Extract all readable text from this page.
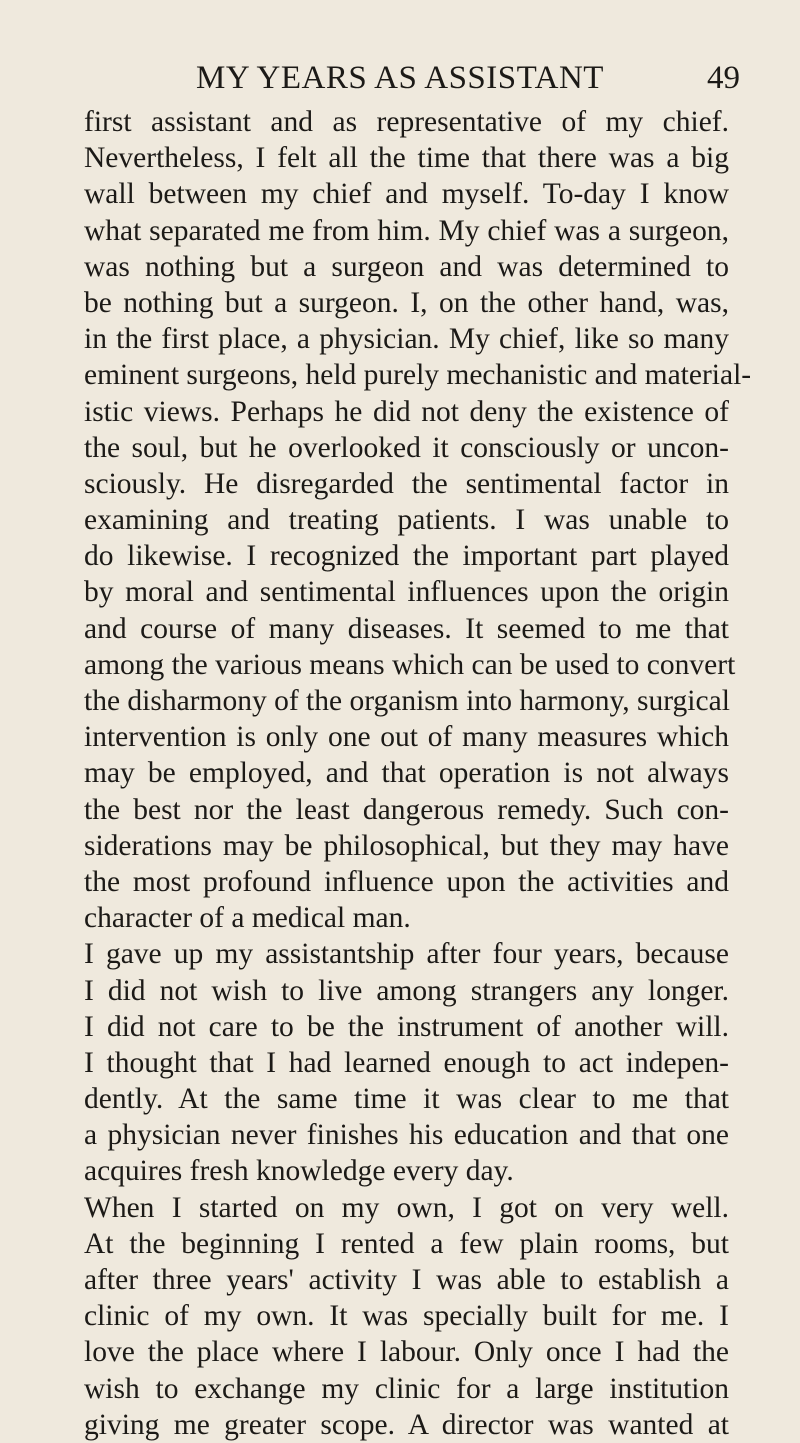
MY YEARS AS ASSISTANT	49
first assistant and as representative of my chief.
Nevertheless, I felt all the time that there was a big
wall between my chief and myself. To-day I know
what separated me from him. My chief was a surgeon,
was nothing but a surgeon and was determined to
be nothing but a surgeon. I, on the other hand, was,
in the first place, a physician. My chief, like so many
eminent surgeons, held purely mechanistic and material-
istic views. Perhaps he did not deny the existence of
the soul, but he overlooked it consciously or uncon-
sciously. He disregarded the sentimental factor in
examining and treating patients. I was unable to
do likewise. I recognized the important part played
by moral and sentimental influences upon the origin
and course of many diseases. It seemed to me that
among the various means which can be used to convert
the disharmony of the organism into harmony, surgical
intervention is only one out of many measures which
may be employed, and that operation is not always
the best nor the least dangerous remedy. Such con-
siderations may be philosophical, but they may have
the most profound influence upon the activities and
character of a medical man.
I gave up my assistantship after four years, because
I did not wish to live among strangers any longer.
I did not care to be the instrument of another will.
I thought that I had learned enough to act indepen-
dently. At the same time it was clear to me that
a physician never finishes his education and that one
acquires fresh knowledge every day.
When I started on my own, I got on very well.
At the beginning I rented a few plain rooms, but
after three years' activity I was able to establish a
clinic of my own. It was specially built for me. I
love the place where I labour. Only once I had the
wish to exchange my clinic for a large institution
giving me greater scope. A director was wanted at
